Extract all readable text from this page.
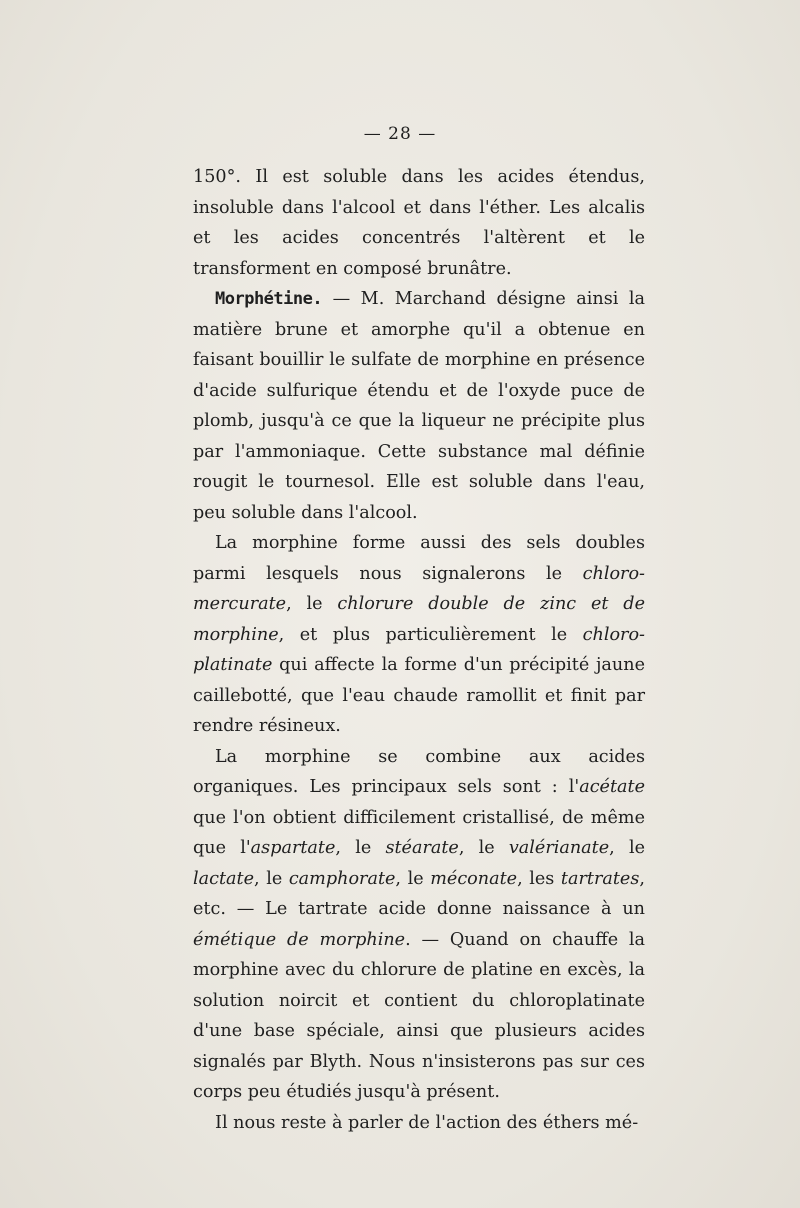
— 28 —

150°. Il est soluble dans les acides étendus, insoluble dans l'alcool et dans l'éther. Les alcalis et les acides concentrés l'altèrent et le transforment en composé brunâtre.

Morphétine. — M. Marchand désigne ainsi la matière brune et amorphe qu'il a obtenue en faisant bouillir le sulfate de morphine en présence d'acide sulfurique étendu et de l'oxyde puce de plomb, jusqu'à ce que la liqueur ne précipite plus par l'ammoniaque. Cette substance mal définie rougit le tournesol. Elle est soluble dans l'eau, peu soluble dans l'alcool.

La morphine forme aussi des sels doubles parmi lesquels nous signalerons le chloro-mercurate, le chlorure double de zinc et de morphine, et plus particulièrement le chloro-platinate qui affecte la forme d'un précipité jaune caillebotté, que l'eau chaude ramollit et finit par rendre résineux.

La morphine se combine aux acides organiques. Les principaux sels sont : l'acétate que l'on obtient difficilement cristallisé, de même que l'aspartate, le stéarate, le valérianate, le lactate, le camphorate, le méconate, les tartrates, etc. — Le tartrate acide donne naissance à un émétique de morphine. — Quand on chauffe la morphine avec du chlorure de platine en excès, la solution noircit et contient du chloroplatinate d'une base spéciale, ainsi que plusieurs acides signalés par Blyth. Nous n'insisterons pas sur ces corps peu étudiés jusqu'à présent.

Il nous reste à parler de l'action des éthers mé-
